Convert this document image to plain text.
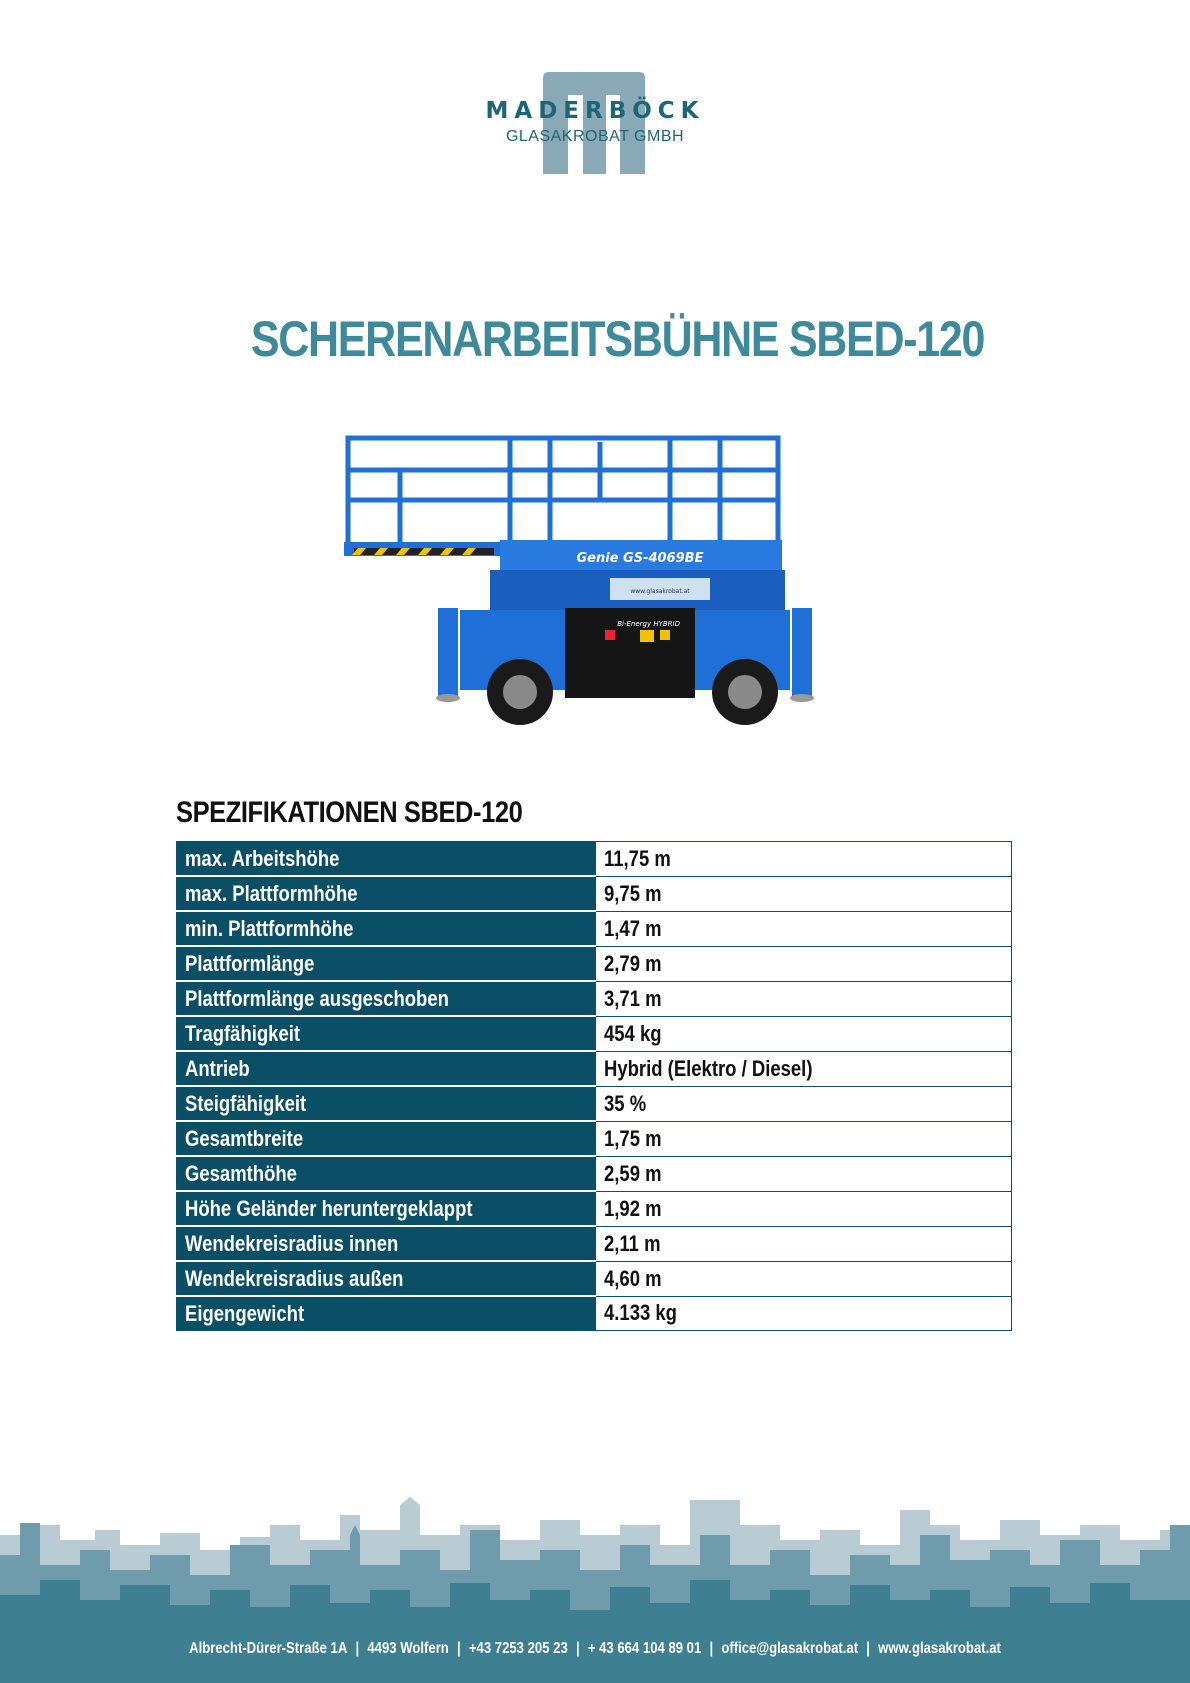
MADERBÖCK
GLASAKROBAT GMBH
SCHERENARBEITSBÜHNE SBED-120
Genie GS-4069BE
www.glasakrobat.at
Bi-Energy HYBRID
SPEZIFIKATIONEN SBED-120
max. Arbeitshöhe	11,75 m
max. Plattformhöhe	9,75 m
min. Plattformhöhe	1,47 m
Plattformlänge	2,79 m
Plattformlänge ausgeschoben	3,71 m
Tragfähigkeit	454 kg
Antrieb	Hybrid (Elektro / Diesel)
Steigfähigkeit	35 %
Gesamtbreite	1,75 m
Gesamthöhe	2,59 m
Höhe Geländer heruntergeklappt	1,92 m
Wendekreisradius innen	2,11 m
Wendekreisradius außen	4,60 m
Eigengewicht	4.133 kg
Albrecht-Dürer-Straße 1A | 4493 Wolfern | +43 7253 205 23 | + 43 664 104 89 01 | office@glasakrobat.at | www.glasakrobat.at
